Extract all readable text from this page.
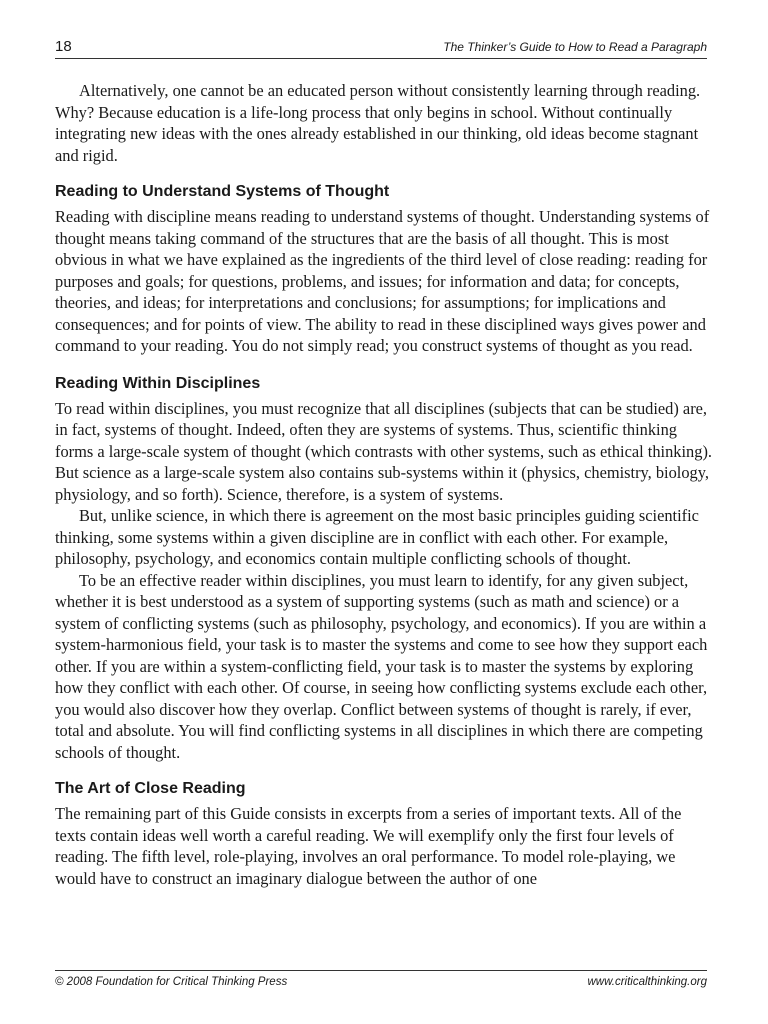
18	The Thinker’s Guide to How to Read a Paragraph

Alternatively, one cannot be an educated person without consistently learning through reading. Why? Because education is a life-long process that only begins in school. Without continually integrating new ideas with the ones already established in our thinking, old ideas become stagnant and rigid.

Reading to Understand Systems of Thought

Reading with discipline means reading to understand systems of thought. Understanding systems of thought means taking command of the structures that are the basis of all thought. This is most obvious in what we have explained as the ingredients of the third level of close reading: reading for purposes and goals; for questions, problems, and issues; for information and data; for concepts, theories, and ideas; for interpretations and conclusions; for assumptions; for implications and consequences; and for points of view. The ability to read in these disciplined ways gives power and command to your reading. You do not simply read; you construct systems of thought as you read.

Reading Within Disciplines

To read within disciplines, you must recognize that all disciplines (subjects that can be studied) are, in fact, systems of thought. Indeed, often they are systems of systems. Thus, scientific thinking forms a large-scale system of thought (which contrasts with other systems, such as ethical thinking). But science as a large-scale system also contains sub-systems within it (physics, chemistry, biology, physiology, and so forth). Science, therefore, is a system of systems.

But, unlike science, in which there is agreement on the most basic principles guiding scientific thinking, some systems within a given discipline are in conflict with each other. For example, philosophy, psychology, and economics contain multiple conflicting schools of thought.

To be an effective reader within disciplines, you must learn to identify, for any given subject, whether it is best understood as a system of supporting systems (such as math and science) or a system of conflicting systems (such as philosophy, psychology, and economics). If you are within a system-harmonious field, your task is to master the systems and come to see how they support each other. If you are within a system-conflicting field, your task is to master the systems by exploring how they conflict with each other. Of course, in seeing how conflicting systems exclude each other, you would also discover how they overlap. Conflict between systems of thought is rarely, if ever, total and absolute. You will find conflicting systems in all disciplines in which there are competing schools of thought.

The Art of Close Reading

The remaining part of this Guide consists in excerpts from a series of important texts. All of the texts contain ideas well worth a careful reading. We will exemplify only the first four levels of reading. The fifth level, role-playing, involves an oral performance. To model role-playing, we would have to construct an imaginary dialogue between the author of one

© 2008 Foundation for Critical Thinking Press	www.criticalthinking.org
